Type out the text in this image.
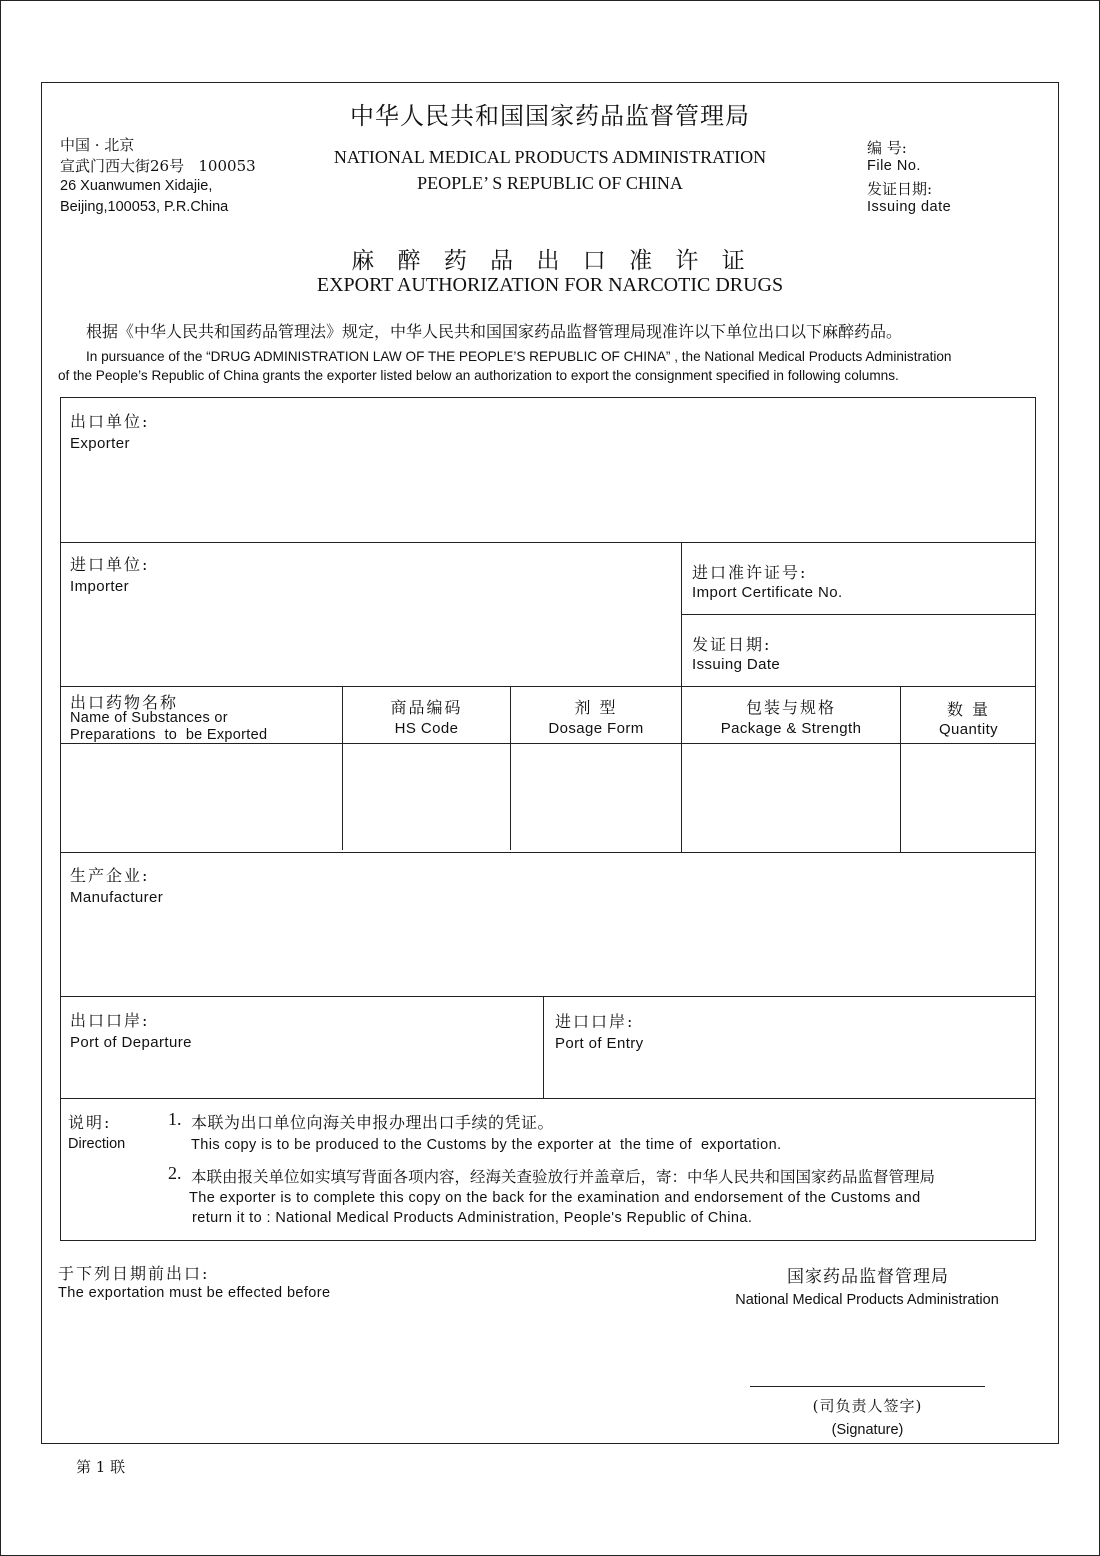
中华人民共和国国家药品监督管理局
NATIONAL MEDICAL PRODUCTS ADMINISTRATION
PEOPLE’ S REPUBLIC OF CHINA
中国 · 北京
宣武门西大街26号   100053
26 Xuanwumen Xidajie,
Beijing,100053, P.R.China
编 号:
File No.
发证日期:
Issuing date
麻 醉 药 品 出 口 准 许 证
EXPORT AUTHORIZATION FOR NARCOTIC DRUGS
根据《中华人民共和国药品管理法》规定，中华人民共和国国家药品监督管理局现准许以下单位出口以下麻醉药品。
In pursuance of the “DRUG ADMINISTRATION LAW OF THE PEOPLE’S REPUBLIC OF CHINA” , the National Medical Products Administration
of the People’s Republic of China grants the exporter listed below an authorization to export the consignment specified in following columns.
出口单位:
Exporter
进口单位:
Importer
进口准许证号:
Import Certificate No.
发证日期:
Issuing Date
出口药物名称
Name of Substances or
Preparations  to  be Exported
商品编码
HS Code
剂 型
Dosage Form
包装与规格
Package & Strength
数 量
Quantity
生产企业:
Manufacturer
出口口岸:
Port of Departure
进口口岸:
Port of Entry
说明:
Direction
1. 本联为出口单位向海关申报办理出口手续的凭证。
This copy is to be produced to the Customs by the exporter at  the time of  exportation.
2. 本联由报关单位如实填写背面各项内容，经海关查验放行并盖章后，寄：中华人民共和国国家药品监督管理局
The exporter is to complete this copy on the back for the examination and endorsement of the Customs and
return it to : National Medical Products Administration, People's Republic of China.
于下列日期前出口:
The exportation must be effected before
国家药品监督管理局
National Medical Products Administration
(司负责人签字)
(Signature)
第 1 联
